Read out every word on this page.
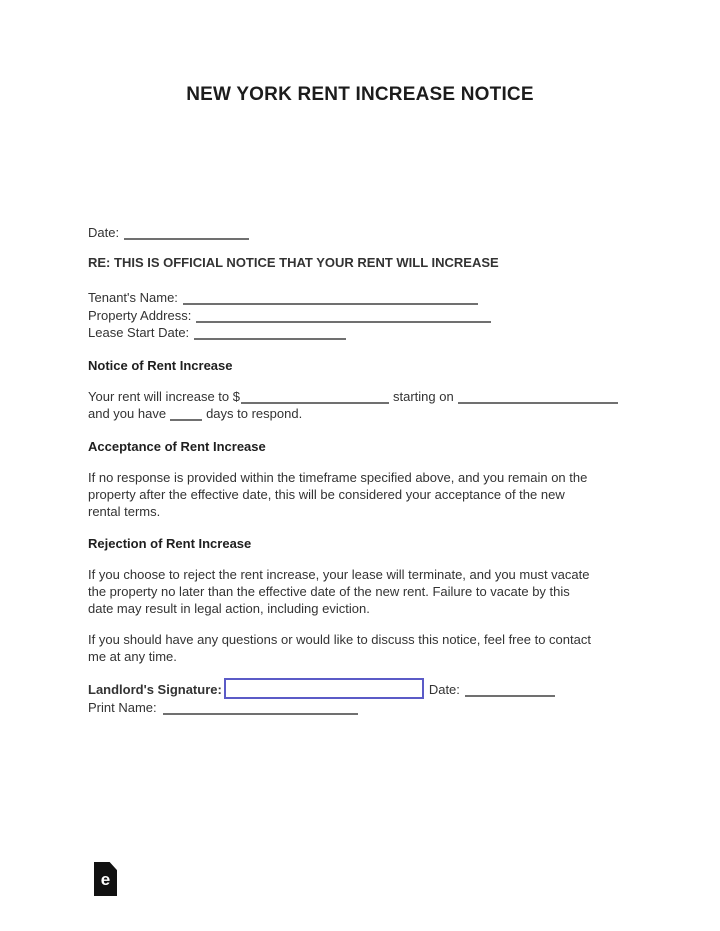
NEW YORK RENT INCREASE NOTICE
Date:
RE: THIS IS OFFICIAL NOTICE THAT YOUR RENT WILL INCREASE
Tenant's Name:
Property Address:
Lease Start Date:
Notice of Rent Increase
Your rent will increase to $	starting on
and you have	days to respond.
Acceptance of Rent Increase
If no response is provided within the timeframe specified above, and you remain on the
property after the effective date, this will be considered your acceptance of the new
rental terms.
Rejection of Rent Increase
If you choose to reject the rent increase, your lease will terminate, and you must vacate
the property no later than the effective date of the new rent. Failure to vacate by this
date may result in legal action, including eviction.
If you should have any questions or would like to discuss this notice, feel free to contact
me at any time.
Landlord's Signature:	Date:
Print Name:
e
